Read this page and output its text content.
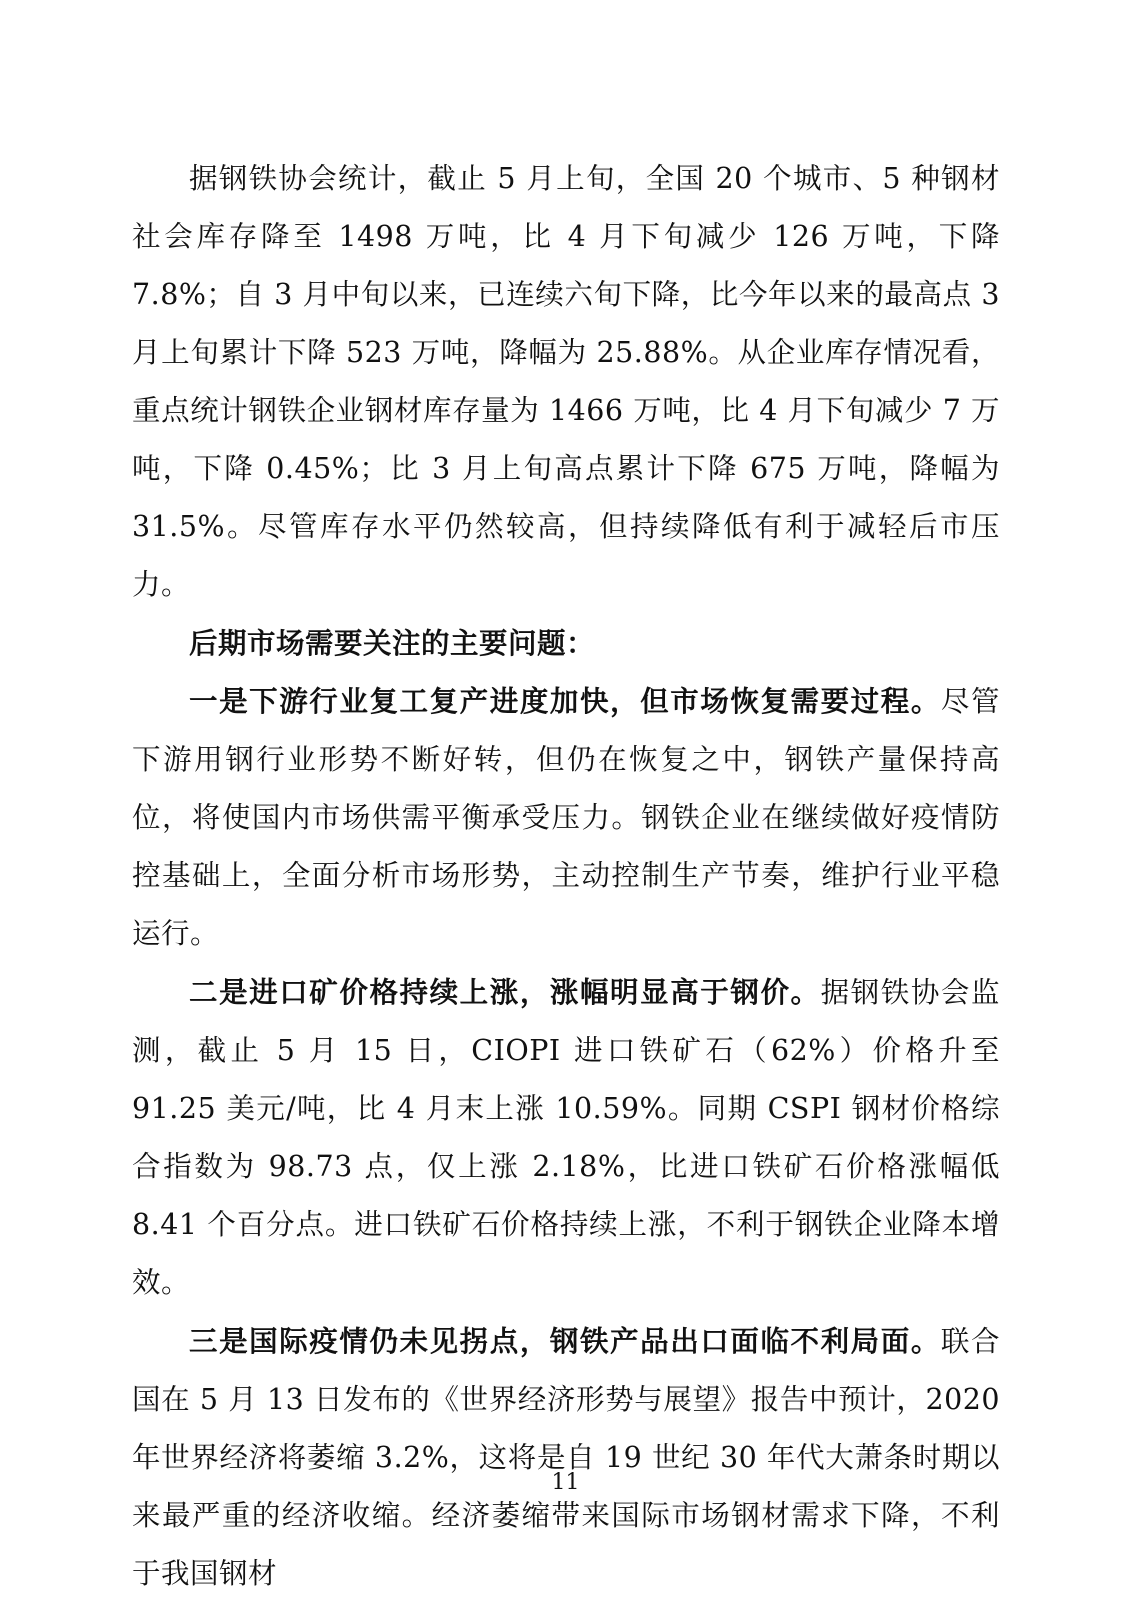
据钢铁协会统计，截止 5 月上旬，全国 20 个城市、5 种钢材社会库存降至 1498 万吨，比 4 月下旬减少 126 万吨，下降 7.8%；自 3 月中旬以来，已连续六旬下降，比今年以来的最高点 3 月上旬累计下降 523 万吨，降幅为 25.88%。从企业库存情况看，重点统计钢铁企业钢材库存量为 1466 万吨，比 4 月下旬减少 7 万吨，下降 0.45%；比 3 月上旬高点累计下降 675 万吨，降幅为 31.5%。尽管库存水平仍然较高，但持续降低有利于减轻后市压力。

后期市场需要关注的主要问题：

一是下游行业复工复产进度加快，但市场恢复需要过程。尽管下游用钢行业形势不断好转，但仍在恢复之中，钢铁产量保持高位，将使国内市场供需平衡承受压力。钢铁企业在继续做好疫情防控基础上，全面分析市场形势，主动控制生产节奏，维护行业平稳运行。

二是进口矿价格持续上涨，涨幅明显高于钢价。据钢铁协会监测，截止 5 月 15 日，CIOPI 进口铁矿石（62%）价格升至 91.25 美元/吨，比 4 月末上涨 10.59%。同期 CSPI 钢材价格综合指数为 98.73 点，仅上涨 2.18%，比进口铁矿石价格涨幅低 8.41 个百分点。进口铁矿石价格持续上涨，不利于钢铁企业降本增效。

三是国际疫情仍未见拐点，钢铁产品出口面临不利局面。联合国在 5 月 13 日发布的《世界经济形势与展望》报告中预计，2020 年世界经济将萎缩 3.2%，这将是自 19 世纪 30 年代大萧条时期以来最严重的经济收缩。经济萎缩带来国际市场钢材需求下降，不利于我国钢材

11
